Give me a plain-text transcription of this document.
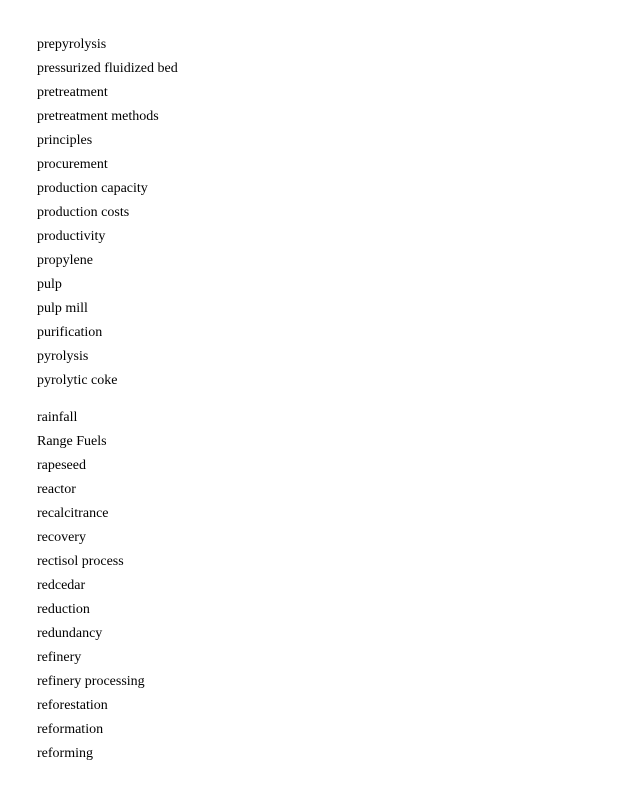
prepyrolysis
pressurized fluidized bed
pretreatment
pretreatment methods
principles
procurement
production capacity
production costs
productivity
propylene
pulp
pulp mill
purification
pyrolysis
pyrolytic coke
rainfall
Range Fuels
rapeseed
reactor
recalcitrance
recovery
rectisol process
redcedar
reduction
redundancy
refinery
refinery processing
reforestation
reformation
reforming
